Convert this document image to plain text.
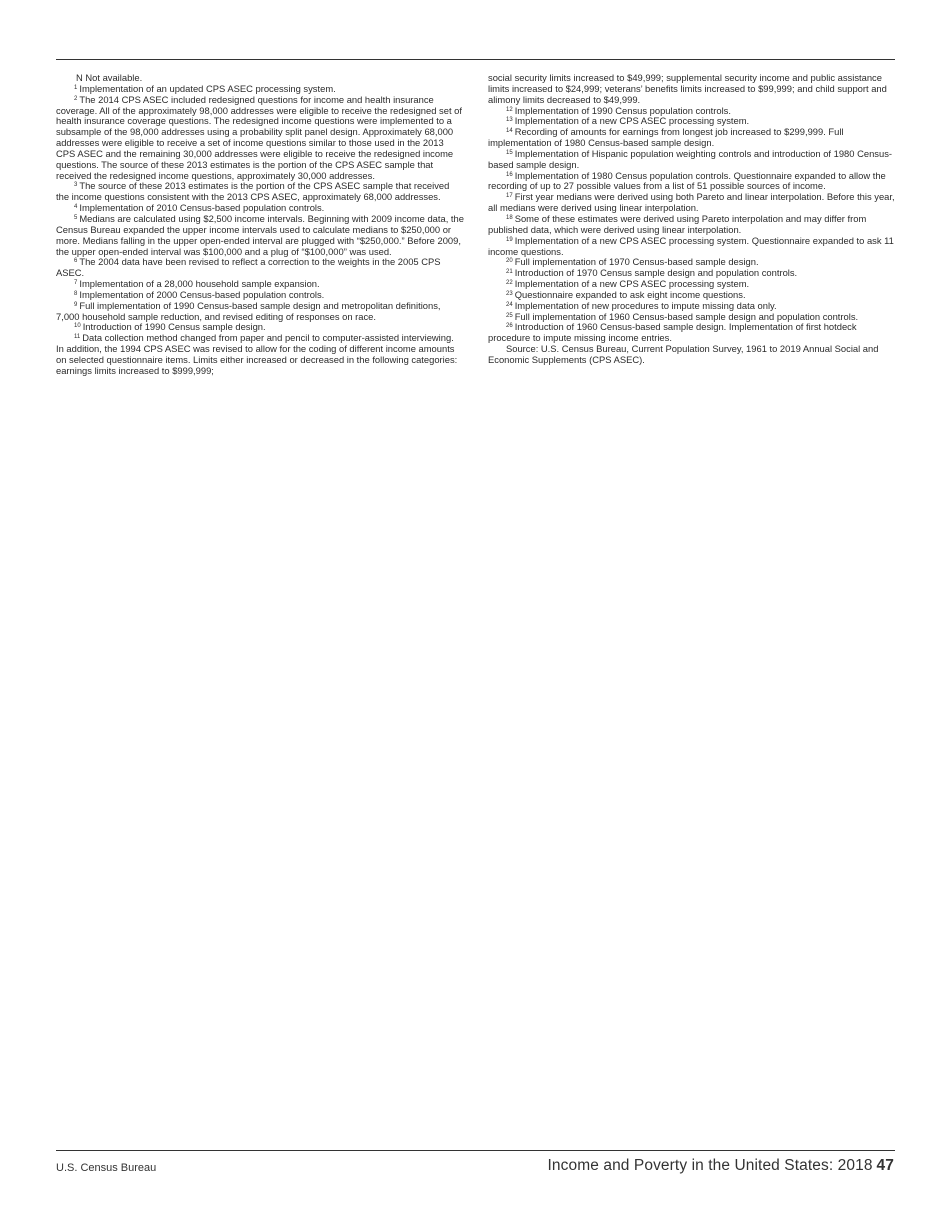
N Not available.

$^1$ Implementation of an updated CPS ASEC processing system.

$^2$ The 2014 CPS ASEC included redesigned questions for income and health insurance coverage. All of the approximately 98,000 addresses were eligible to receive the redesigned set of health insurance coverage questions. The redesigned income questions were implemented to a subsample of the 98,000 addresses using a probability split panel design. Approximately 68,000 addresses were eligible to receive a set of income questions similar to those used in the 2013 CPS ASEC and the remaining 30,000 addresses were eligible to receive the redesigned income questions. The source of these 2013 estimates is the portion of the CPS ASEC sample that received the redesigned income questions, approximately 30,000 addresses.

$^3$ The source of these 2013 estimates is the portion of the CPS ASEC sample that received the income questions consistent with the 2013 CPS ASEC, approximately 68,000 addresses.

$^4$ Implementation of 2010 Census-based population controls.

$^5$ Medians are calculated using $2,500 income intervals. Beginning with 2009 income data, the Census Bureau expanded the upper income intervals used to calculate medians to $250,000 or more. Medians falling in the upper open-ended interval are plugged with “$250,000.” Before 2009, the upper open-ended interval was $100,000 and a plug of “$100,000” was used.

$^6$ The 2004 data have been revised to reflect a correction to the weights in the 2005 CPS ASEC.

$^7$ Implementation of a 28,000 household sample expansion.

$^8$ Implementation of 2000 Census-based population controls.

$^9$ Full implementation of 1990 Census-based sample design and metropolitan definitions, 7,000 household sample reduction, and revised editing of responses on race.

$^{10}$ Introduction of 1990 Census sample design.

$^{11}$ Data collection method changed from paper and pencil to computer-assisted interviewing. In addition, the 1994 CPS ASEC was revised to allow for the coding of different income amounts on selected questionnaire items. Limits either increased or decreased in the following categories: earnings limits increased to $999,999;

social security limits increased to $49,999; supplemental security income and public assistance limits increased to $24,999; veterans’ benefits limits increased to $99,999; and child support and alimony limits decreased to $49,999.

$^{12}$ Implementation of 1990 Census population controls.

$^{13}$ Implementation of a new CPS ASEC processing system.

$^{14}$ Recording of amounts for earnings from longest job increased to $299,999. Full implementation of 1980 Census-based sample design.

$^{15}$ Implementation of Hispanic population weighting controls and introduction of 1980 Census-based sample design.

$^{16}$ Implementation of 1980 Census population controls. Questionnaire expanded to allow the recording of up to 27 possible values from a list of 51 possible sources of income.

$^{17}$ First year medians were derived using both Pareto and linear interpolation. Before this year, all medians were derived using linear interpolation.

$^{18}$ Some of these estimates were derived using Pareto interpolation and may differ from published data, which were derived using linear interpolation.

$^{19}$ Implementation of a new CPS ASEC processing system. Questionnaire expanded to ask 11 income questions.

$^{20}$ Full implementation of 1970 Census-based sample design.

$^{21}$ Introduction of 1970 Census sample design and population controls.

$^{22}$ Implementation of a new CPS ASEC processing system.

$^{23}$ Questionnaire expanded to ask eight income questions.

$^{24}$ Implementation of new procedures to impute missing data only.

$^{25}$ Full implementation of 1960 Census-based sample design and population controls.

$^{26}$ Introduction of 1960 Census-based sample design. Implementation of first hotdeck procedure to impute missing income entries.

Source: U.S. Census Bureau, Current Population Survey, 1961 to 2019 Annual Social and Economic Supplements (CPS ASEC).

U.S. Census Bureau	Income and Poverty in the United States: 2018 47
